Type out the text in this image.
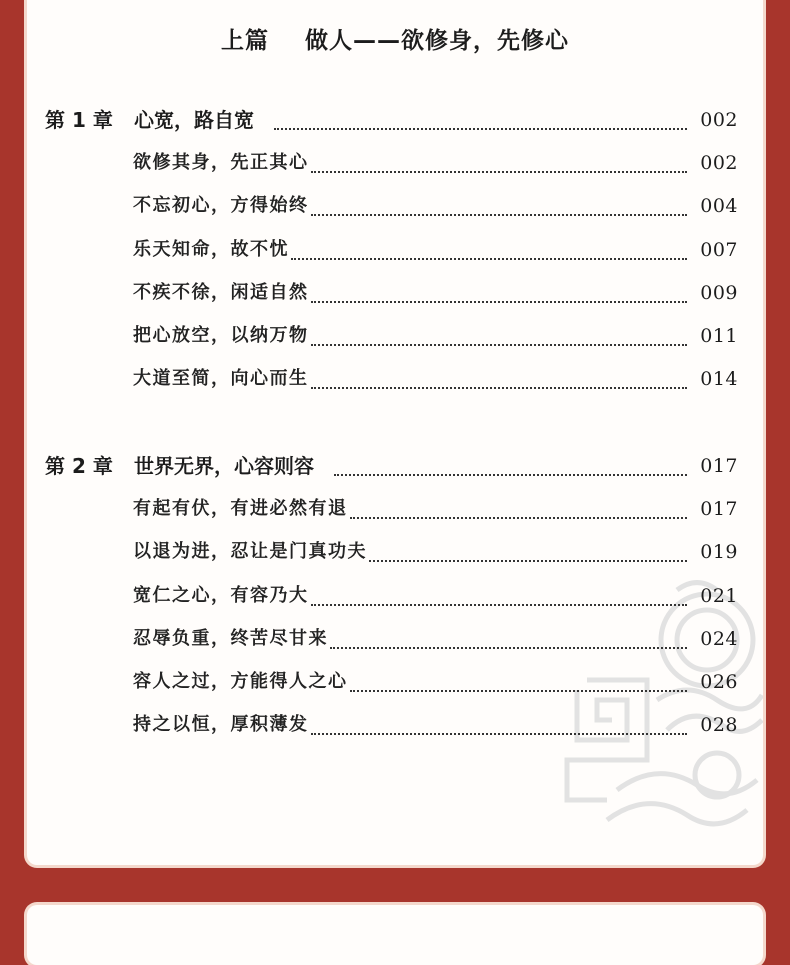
上篇    做人——欲修身，先修心
第 1 章 心宽，路自宽	002
欲修其身，先正其心	002
不忘初心，方得始终	004
乐天知命，故不忧	007
不疾不徐，闲适自然	009
把心放空，以纳万物	011
大道至简，向心而生	014
第 2 章 世界无界，心容则容	017
有起有伏，有进必然有退	017
以退为进，忍让是门真功夫	019
宽仁之心，有容乃大	021
忍辱负重，终苦尽甘来	024
容人之过，方能得人之心	026
持之以恒，厚积薄发	028
